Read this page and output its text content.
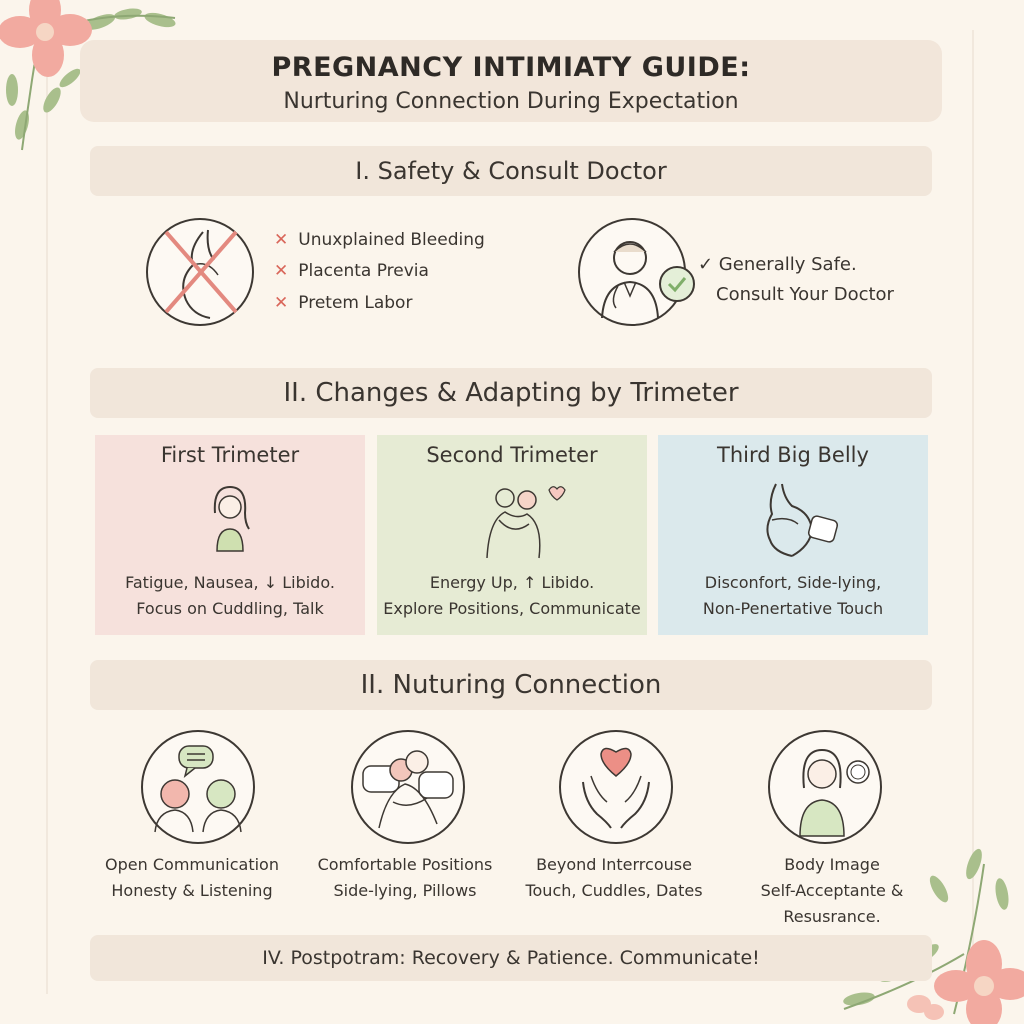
PREGNANCY INTIMIATY GUIDE:
Nurturing Connection During Expectation
I. Safety & Consult Doctor
✕ Unuxplained Bleeding
✕ Placenta Previa
✕ Pretem Labor
✓ Generally Safe.
Consult Your Doctor
II. Changes & Adapting by Trimeter
First Trimeter
Fatigue, Nausea, ↓ Libido.
Focus on Cuddling, Talk
Second Trimeter
Energy Up, ↑ Libido.
Explore Positions, Communicate
Third Big Belly
Disconfort, Side-lying,
Non-Penertative Touch
II. Nuturing Connection
Open Communication
Honesty & Listening
Comfortable Positions
Side-lying, Pillows
Beyond Interrcouse
Touch, Cuddles, Dates
Body Image
Self-Acceptante & Resusrance.
IV. Postpotram: Recovery & Patience. Communicate!
